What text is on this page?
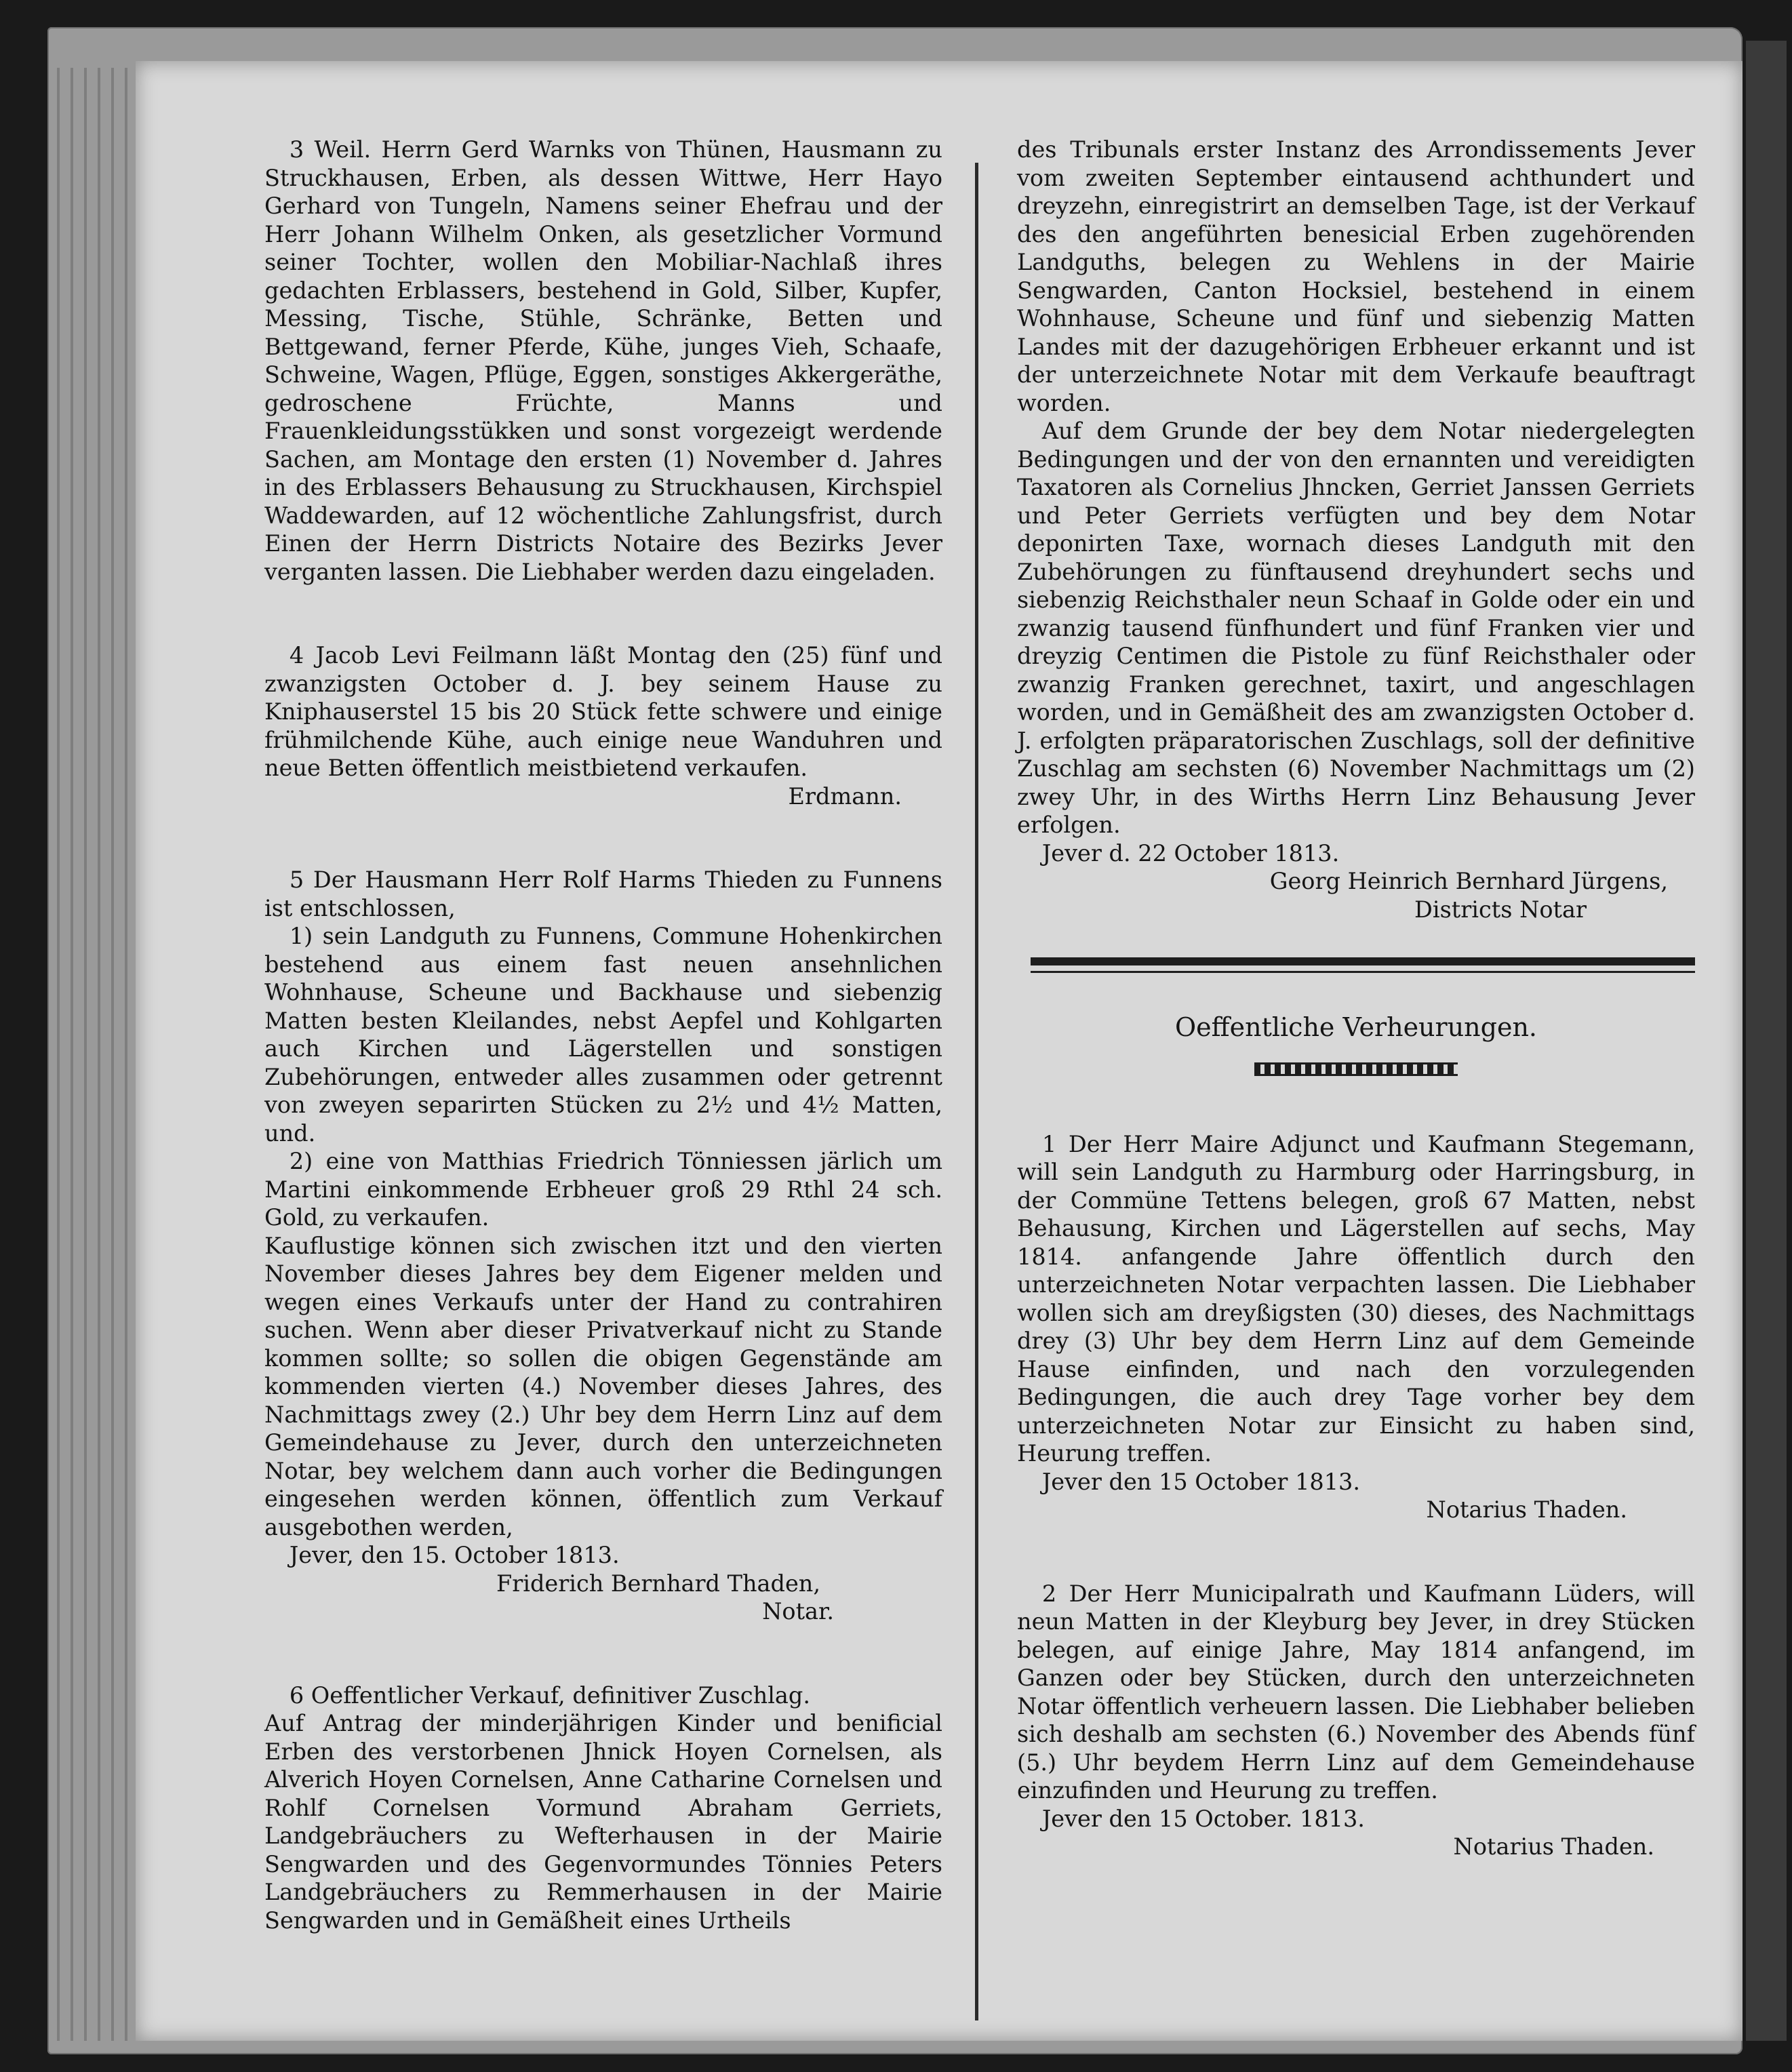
3 Weil. Herrn Gerd Warnks von Thünen, Hausmann zu Struckhausen, Erben, als dessen Wittwe, Herr Hayo Gerhard von Tungeln, Namens seiner Ehefrau und der Herr Johann Wilhelm Onken, als gesetzlicher Vormund seiner Tochter, wollen den Mobiliar-Nachlaß ihres gedachten Erblassers, bestehend in Gold, Silber, Kupfer, Messing, Tische, Stühle, Schränke, Betten und Bettgewand, ferner Pferde, Kühe, junges Vieh, Schaafe, Schweine, Wagen, Pflüge, Eggen, sonstiges Akkergeräthe, gedroschene Früchte, Manns und Frauenkleidungsstükken und sonst vorgezeigt werdende Sachen, am Montage den ersten (1) November d. Jahres in des Erblassers Behausung zu Struckhausen, Kirchspiel Waddewarden, auf 12 wöchentliche Zahlungsfrist, durch Einen der Herrn Districts Notaire des Bezirks Jever verganten lassen. Die Liebhaber werden dazu eingeladen.

4 Jacob Levi Feilmann läßt Montag den (25) fünf und zwanzigsten October d. J. bey seinem Hause zu Kniphauserstel 15 bis 20 Stück fette schwere und einige frühmilchende Kühe, auch einige neue Wanduhren und neue Betten öffentlich meistbietend verkaufen.

Erdmann.

5 Der Hausmann Herr Rolf Harms Thieden zu Funnens ist entschlossen,

1) sein Landguth zu Funnens, Commune Hohenkirchen bestehend aus einem fast neuen ansehnlichen Wohnhause, Scheune und Backhause und siebenzig Matten besten Kleilandes, nebst Aepfel und Kohlgarten auch Kirchen und Lägerstellen und sonstigen Zubehörungen, entweder alles zusammen oder getrennt von zweyen separirten Stücken zu 2½ und 4½ Matten, und.

2) eine von Matthias Friedrich Tönniessen järlich um Martini einkommende Erbheuer groß 29 Rthl 24 sch. Gold, zu verkaufen.

Kauflustige können sich zwischen itzt und den vierten November dieses Jahres bey dem Eigener melden und wegen eines Verkaufs unter der Hand zu contrahiren suchen. Wenn aber dieser Privatverkauf nicht zu Stande kommen sollte; so sollen die obigen Gegenstände am kommenden vierten (4.) November dieses Jahres, des Nachmittags zwey (2.) Uhr bey dem Herrn Linz auf dem Gemeindehause zu Jever, durch den unterzeichneten Notar, bey welchem dann auch vorher die Bedingungen eingesehen werden können, öffentlich zum Verkauf ausgebothen werden,

Jever, den 15. October 1813.

Friderich Bernhard Thaden,

Notar.

6 Oeffentlicher Verkauf, definitiver Zuschlag.

Auf Antrag der minderjährigen Kinder und benificial Erben des verstorbenen Jhnick Hoyen Cornelsen, als Alverich Hoyen Cornelsen, Anne Catharine Cornelsen und Rohlf Cornelsen Vormund Abraham Gerriets, Landgebräuchers zu Wefterhausen in der Mairie Sengwarden und des Gegenvormundes Tönnies Peters Landgebräuchers zu Remmerhausen in der Mairie Sengwarden und in Gemäßheit eines Urtheils

des Tribunals erster Instanz des Arrondissements Jever vom zweiten September eintausend achthundert und dreyzehn, einregistrirt an demselben Tage, ist der Verkauf des den angeführten benesicial Erben zugehörenden Landguths, belegen zu Wehlens in der Mairie Sengwarden, Canton Hocksiel, bestehend in einem Wohnhause, Scheune und fünf und siebenzig Matten Landes mit der dazugehörigen Erbheuer erkannt und ist der unterzeichnete Notar mit dem Verkaufe beauftragt worden.

Auf dem Grunde der bey dem Notar niedergelegten Bedingungen und der von den ernannten und vereidigten Taxatoren als Cornelius Jhncken, Gerriet Janssen Gerriets und Peter Gerriets verfügten und bey dem Notar deponirten Taxe, wornach dieses Landguth mit den Zubehörungen zu fünftausend dreyhundert sechs und siebenzig Reichsthaler neun Schaaf in Golde oder ein und zwanzig tausend fünfhundert und fünf Franken vier und dreyzig Centimen die Pistole zu fünf Reichsthaler oder zwanzig Franken gerechnet, taxirt, und angeschlagen worden, und in Gemäßheit des am zwanzigsten October d. J. erfolgten präparatorischen Zuschlags, soll der definitive Zuschlag am sechsten (6) November Nachmittags um (2) zwey Uhr, in des Wirths Herrn Linz Behausung Jever erfolgen.

Jever d. 22 October 1813.

Georg Heinrich Bernhard Jürgens,

Districts Notar

Oeffentliche Verheurungen.

1 Der Herr Maire Adjunct und Kaufmann Stegemann, will sein Landguth zu Harmburg oder Harringsburg, in der Commüne Tettens belegen, groß 67 Matten, nebst Behausung, Kirchen und Lägerstellen auf sechs, May 1814. anfangende Jahre öffentlich durch den unterzeichneten Notar verpachten lassen. Die Liebhaber wollen sich am dreyßigsten (30) dieses, des Nachmittags drey (3) Uhr bey dem Herrn Linz auf dem Gemeinde Hause einfinden, und nach den vorzulegenden Bedingungen, die auch drey Tage vorher bey dem unterzeichneten Notar zur Einsicht zu haben sind, Heurung treffen.

Jever den 15 October 1813.

Notarius Thaden.

2 Der Herr Municipalrath und Kaufmann Lüders, will neun Matten in der Kleyburg bey Jever, in drey Stücken belegen, auf einige Jahre, May 1814 anfangend, im Ganzen oder bey Stücken, durch den unterzeichneten Notar öffentlich verheuern lassen. Die Liebhaber belieben sich deshalb am sechsten (6.) November des Abends fünf (5.) Uhr beydem Herrn Linz auf dem Gemeindehause einzufinden und Heurung zu treffen.

Jever den 15 October. 1813.

Notarius Thaden.
